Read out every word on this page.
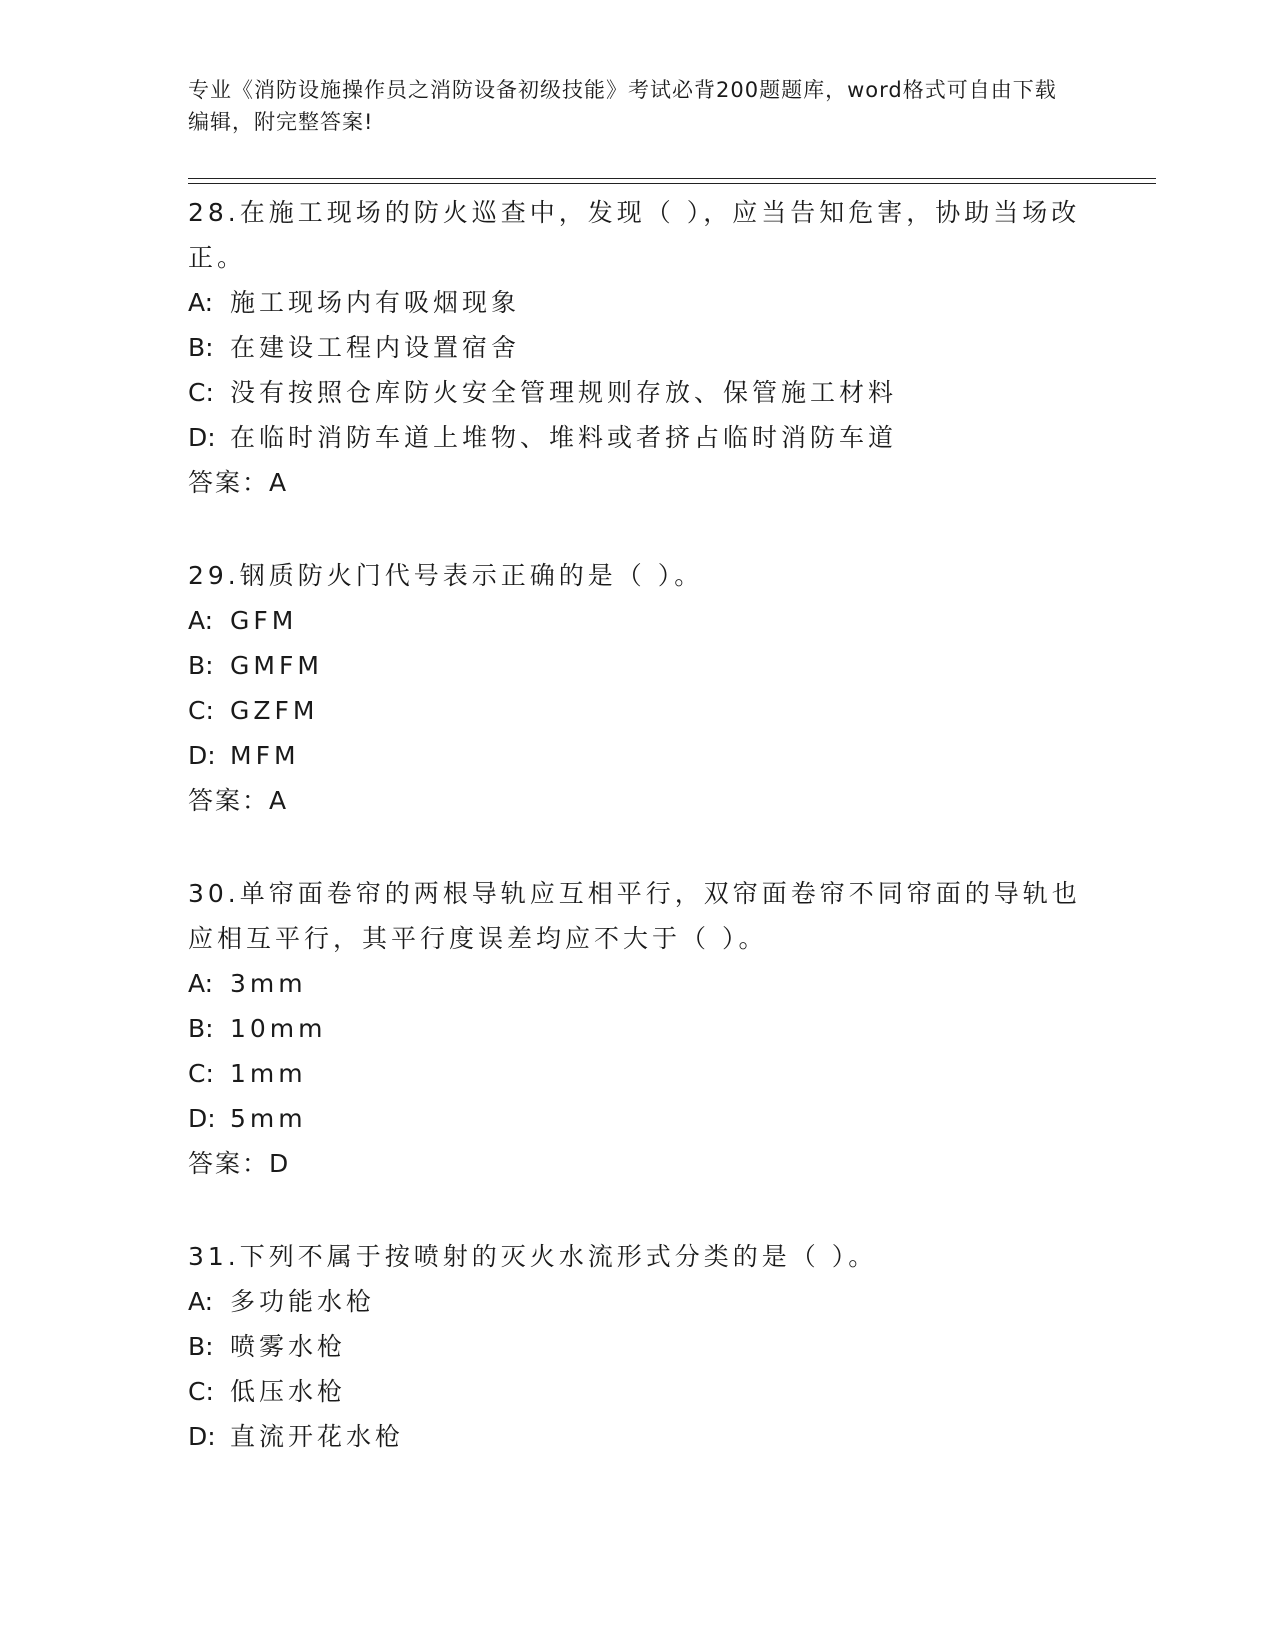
专业《消防设施操作员之消防设备初级技能》考试必背200题题库，word格式可自由下载编辑，附完整答案!

28.在施工现场的防火巡查中，发现（ ），应当告知危害，协助当场改正。

A: 施工现场内有吸烟现象

B: 在建设工程内设置宿舍

C: 没有按照仓库防火安全管理规则存放、保管施工材料

D: 在临时消防车道上堆物、堆料或者挤占临时消防车道

答案：A

29.钢质防火门代号表示正确的是（ ）。

A: GFM

B: GMFM

C: GZFM

D: MFM

答案：A

30.单帘面卷帘的两根导轨应互相平行，双帘面卷帘不同帘面的导轨也应相互平行，其平行度误差均应不大于（ ）。

A: 3mm

B: 10mm

C: 1mm

D: 5mm

答案：D

31.下列不属于按喷射的灭火水流形式分类的是（ ）。

A: 多功能水枪

B: 喷雾水枪

C: 低压水枪

D: 直流开花水枪
